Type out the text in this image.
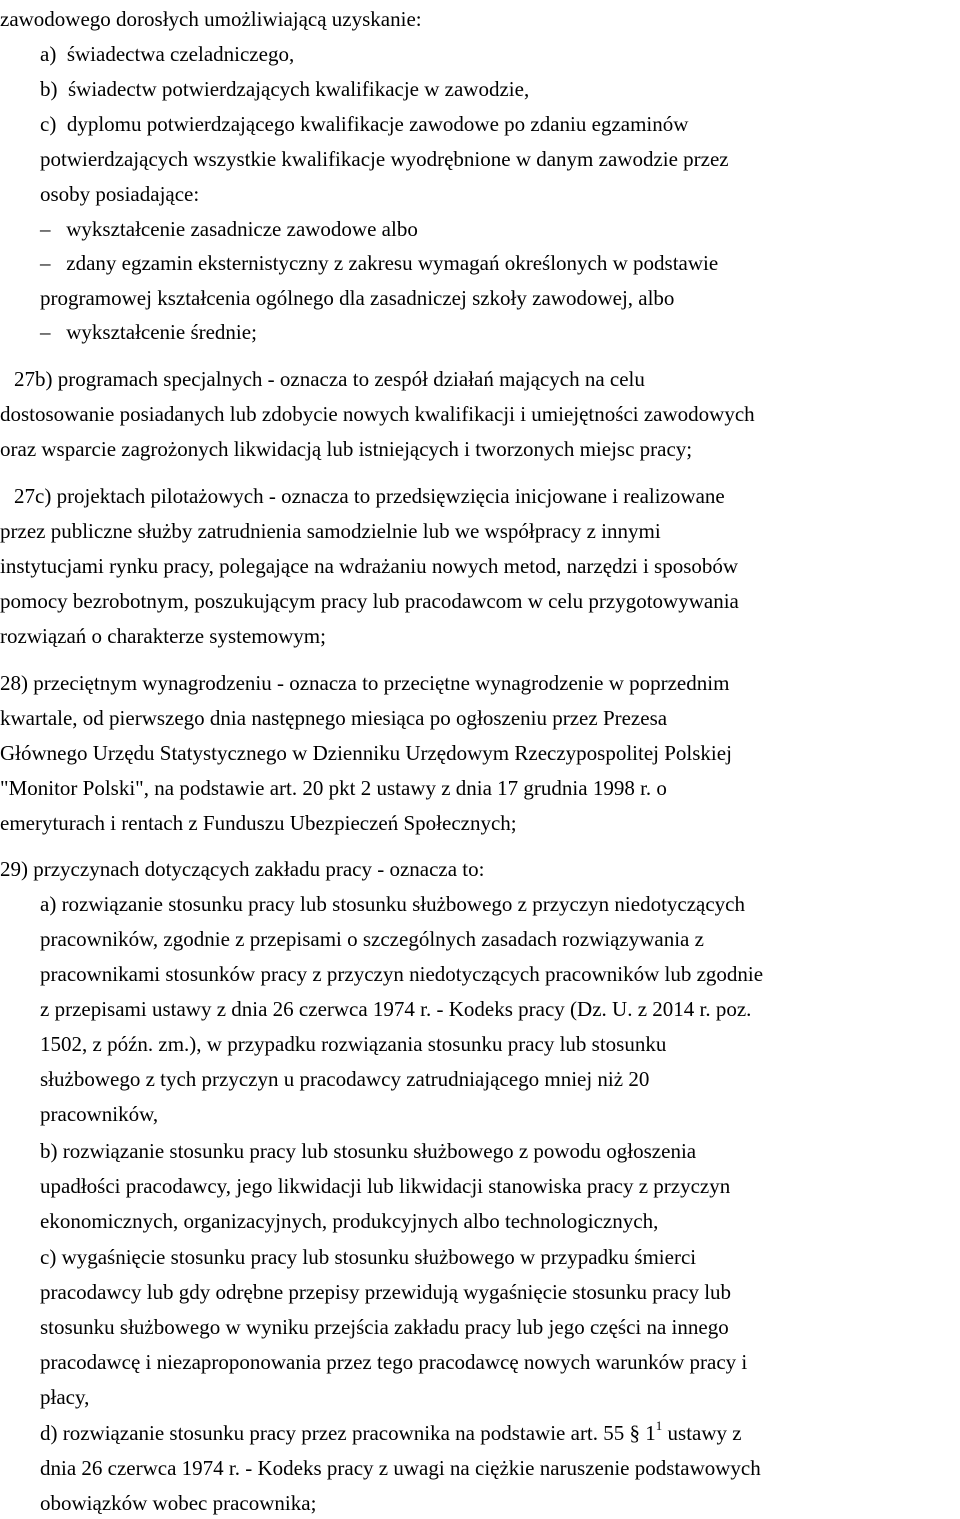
zawodowego dorosłych umożliwiającą uzyskanie:
a) świadectwa czeladniczego,
b) świadectw potwierdzających kwalifikacje w zawodzie,
c) dyplomu potwierdzającego kwalifikacje zawodowe po zdaniu egzaminów
potwierdzających wszystkie kwalifikacje wyodrębnione w danym zawodzie przez
osoby posiadające:
– wykształcenie zasadnicze zawodowe albo
– zdany egzamin eksternistyczny z zakresu wymagań określonych w podstawie
programowej kształcenia ogólnego dla zasadniczej szkoły zawodowej, albo
– wykształcenie średnie;
27b) programach specjalnych - oznacza to zespół działań mających na celu
dostosowanie posiadanych lub zdobycie nowych kwalifikacji i umiejętności zawodowych
oraz wsparcie zagrożonych likwidacją lub istniejących i tworzonych miejsc pracy;
27c) projektach pilotażowych - oznacza to przedsięwzięcia inicjowane i realizowane
przez publiczne służby zatrudnienia samodzielnie lub we współpracy z innymi
instytucjami rynku pracy, polegające na wdrażaniu nowych metod, narzędzi i sposobów
pomocy bezrobotnym, poszukującym pracy lub pracodawcom w celu przygotowywania
rozwiązań o charakterze systemowym;
28) przeciętnym wynagrodzeniu - oznacza to przeciętne wynagrodzenie w poprzednim
kwartale, od pierwszego dnia następnego miesiąca po ogłoszeniu przez Prezesa
Głównego Urzędu Statystycznego w Dzienniku Urzędowym Rzeczypospolitej Polskiej
"Monitor Polski", na podstawie art. 20 pkt 2 ustawy z dnia 17 grudnia 1998 r. o
emeryturach i rentach z Funduszu Ubezpieczeń Społecznych;
29) przyczynach dotyczących zakładu pracy - oznacza to:
a) rozwiązanie stosunku pracy lub stosunku służbowego z przyczyn niedotyczących
pracowników, zgodnie z przepisami o szczególnych zasadach rozwiązywania z
pracownikami stosunków pracy z przyczyn niedotyczących pracowników lub zgodnie
z przepisami ustawy z dnia 26 czerwca 1974 r. - Kodeks pracy (Dz. U. z 2014 r. poz.
1502, z późn. zm.), w przypadku rozwiązania stosunku pracy lub stosunku
służbowego z tych przyczyn u pracodawcy zatrudniającego mniej niż 20
pracowników,
b) rozwiązanie stosunku pracy lub stosunku służbowego z powodu ogłoszenia
upadłości pracodawcy, jego likwidacji lub likwidacji stanowiska pracy z przyczyn
ekonomicznych, organizacyjnych, produkcyjnych albo technologicznych,
c) wygaśnięcie stosunku pracy lub stosunku służbowego w przypadku śmierci
pracodawcy lub gdy odrębne przepisy przewidują wygaśnięcie stosunku pracy lub
stosunku służbowego w wyniku przejścia zakładu pracy lub jego części na innego
pracodawcę i niezaproponowania przez tego pracodawcę nowych warunków pracy i
płacy,
d) rozwiązanie stosunku pracy przez pracownika na podstawie art. 55 § $1^1$ ustawy z
dnia 26 czerwca 1974 r. - Kodeks pracy z uwagi na ciężkie naruszenie podstawowych
obowiązków wobec pracownika;
